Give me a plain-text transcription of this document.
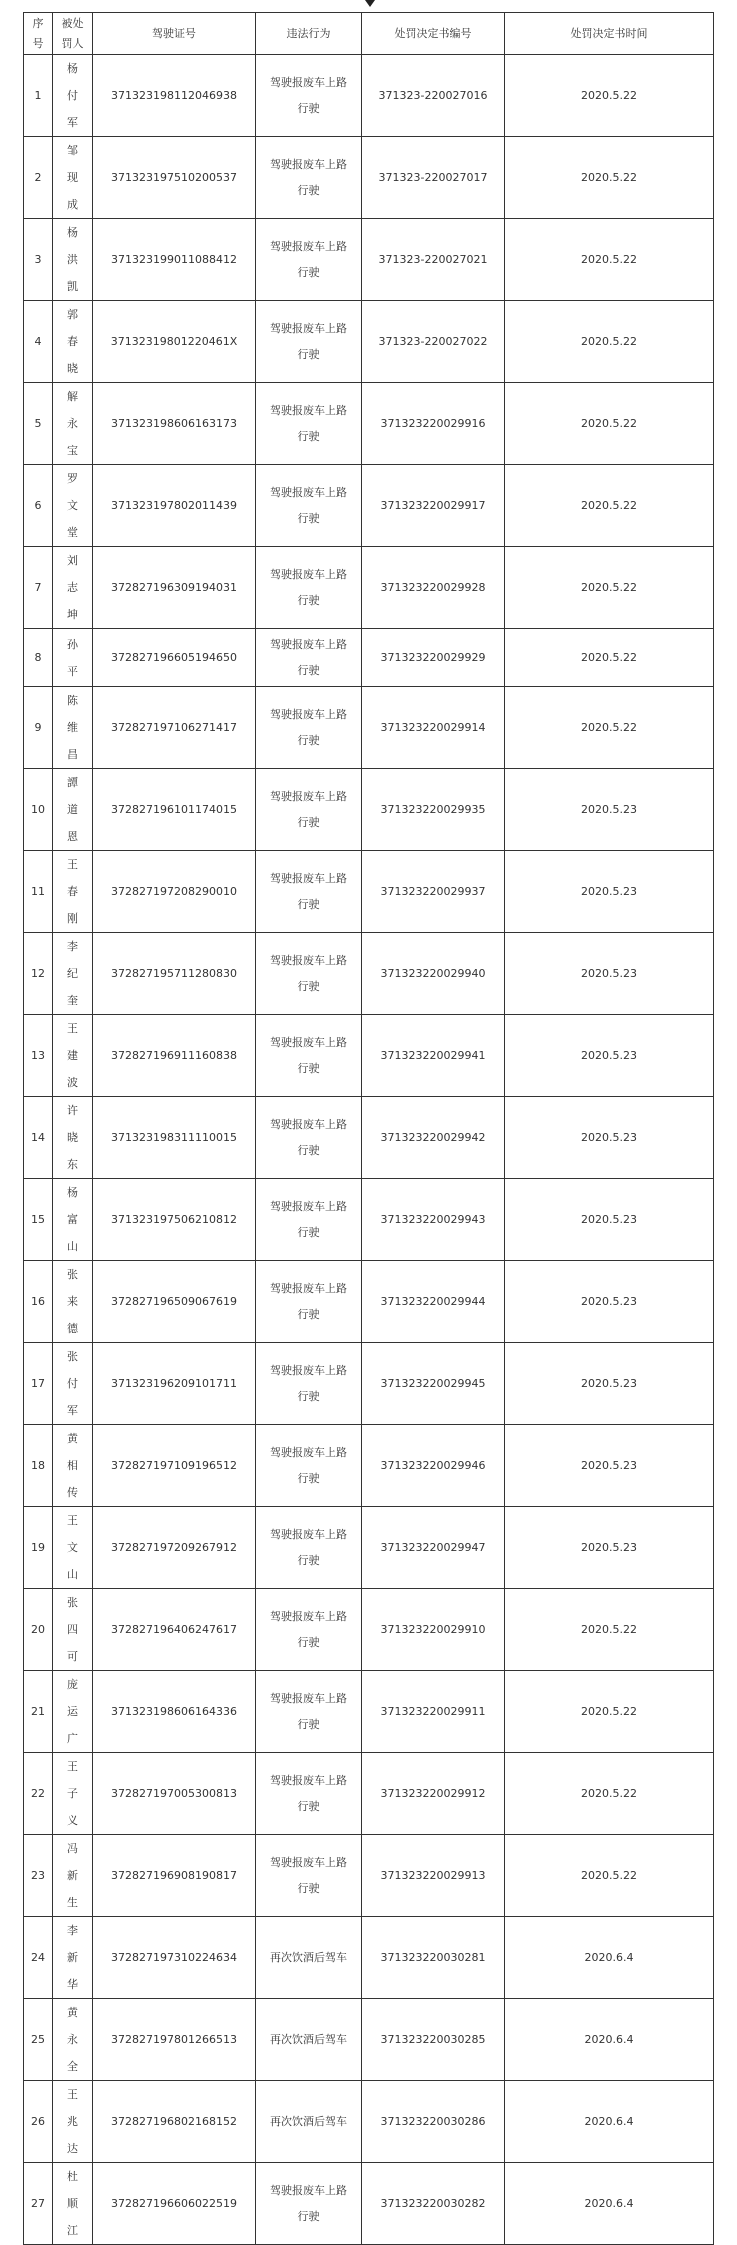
序号	被处罚人	驾驶证号	违法行为	处罚决定书编号	处罚决定书时间
1	杨付军	371323198112046938	驾驶报废车上路行驶	371323-220027016	2020.5.22
2	邹现成	371323197510200537	驾驶报废车上路行驶	371323-220027017	2020.5.22
3	杨洪凯	371323199011088412	驾驶报废车上路行驶	371323-220027021	2020.5.22
4	郭春晓	37132319801220461X	驾驶报废车上路行驶	371323-220027022	2020.5.22
5	解永宝	371323198606163173	驾驶报废车上路行驶	371323220029916	2020.5.22
6	罗文堂	371323197802011439	驾驶报废车上路行驶	371323220029917	2020.5.22
7	刘志坤	372827196309194031	驾驶报废车上路行驶	371323220029928	2020.5.22
8	孙平	372827196605194650	驾驶报废车上路行驶	371323220029929	2020.5.22
9	陈维昌	372827197106271417	驾驶报废车上路行驶	371323220029914	2020.5.22
10	譚道恩	372827196101174015	驾驶报废车上路行驶	371323220029935	2020.5.23
11	王春刚	372827197208290010	驾驶报废车上路行驶	371323220029937	2020.5.23
12	李纪奎	372827195711280830	驾驶报废车上路行驶	371323220029940	2020.5.23
13	王建波	372827196911160838	驾驶报废车上路行驶	371323220029941	2020.5.23
14	许晓东	371323198311110015	驾驶报废车上路行驶	371323220029942	2020.5.23
15	杨富山	371323197506210812	驾驶报废车上路行驶	371323220029943	2020.5.23
16	张来德	372827196509067619	驾驶报废车上路行驶	371323220029944	2020.5.23
17	张付军	371323196209101711	驾驶报废车上路行驶	371323220029945	2020.5.23
18	黄相传	372827197109196512	驾驶报废车上路行驶	371323220029946	2020.5.23
19	王文山	372827197209267912	驾驶报废车上路行驶	371323220029947	2020.5.23
20	张四可	372827196406247617	驾驶报废车上路行驶	371323220029910	2020.5.22
21	庞运广	371323198606164336	驾驶报废车上路行驶	371323220029911	2020.5.22
22	王子义	372827197005300813	驾驶报废车上路行驶	371323220029912	2020.5.22
23	冯新生	372827196908190817	驾驶报废车上路行驶	371323220029913	2020.5.22
24	李新华	372827197310224634	再次饮酒后驾车	371323220030281	2020.6.4
25	黄永全	372827197801266513	再次饮酒后驾车	371323220030285	2020.6.4
26	王兆达	372827196802168152	再次饮酒后驾车	371323220030286	2020.6.4
27	杜顺江	372827196606022519	驾驶报废车上路行驶	371323220030282	2020.6.4
